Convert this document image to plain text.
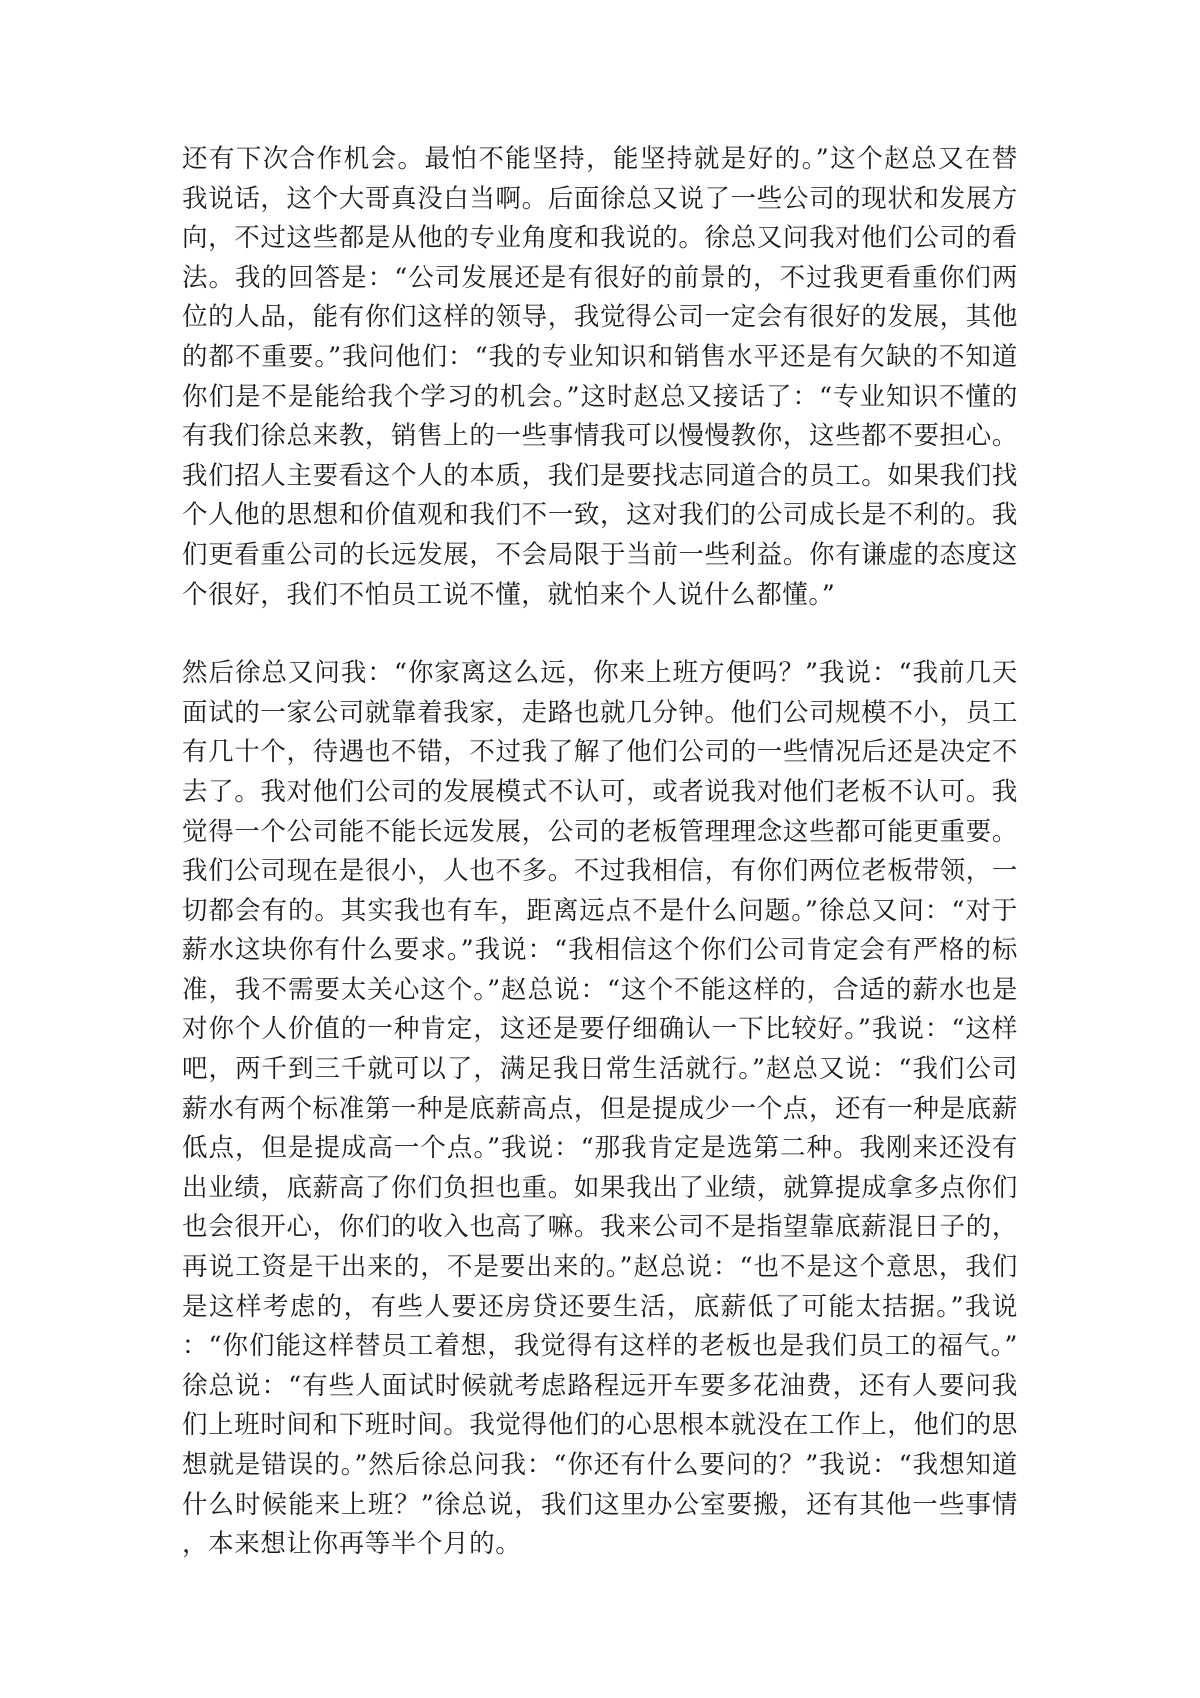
还有下次合作机会。最怕不能坚持，能坚持就是好的。”这个赵总又在替我说话，这个大哥真没白当啊。后面徐总又说了一些公司的现状和发展方向，不过这些都是从他的专业角度和我说的。徐总又问我对他们公司的看法。我的回答是：“公司发展还是有很好的前景的，不过我更看重你们两位的人品，能有你们这样的领导，我觉得公司一定会有很好的发展，其他的都不重要。”我问他们：“我的专业知识和销售水平还是有欠缺的不知道你们是不是能给我个学习的机会。”这时赵总又接话了：“专业知识不懂的有我们徐总来教，销售上的一些事情我可以慢慢教你，这些都不要担心。我们招人主要看这个人的本质，我们是要找志同道合的员工。如果我们找个人他的思想和价值观和我们不一致，这对我们的公司成长是不利的。我们更看重公司的长远发展，不会局限于当前一些利益。你有谦虚的态度这个很好，我们不怕员工说不懂，就怕来个人说什么都懂。”

然后徐总又问我：“你家离这么远，你来上班方便吗？”我说：“我前几天面试的一家公司就靠着我家，走路也就几分钟。他们公司规模不小，员工有几十个，待遇也不错，不过我了解了他们公司的一些情况后还是决定不去了。我对他们公司的发展模式不认可，或者说我对他们老板不认可。我觉得一个公司能不能长远发展，公司的老板管理理念这些都可能更重要。我们公司现在是很小，人也不多。不过我相信，有你们两位老板带领，一切都会有的。其实我也有车，距离远点不是什么问题。”徐总又问：“对于薪水这块你有什么要求。”我说：“我相信这个你们公司肯定会有严格的标准，我不需要太关心这个。”赵总说：“这个不能这样的，合适的薪水也是对你个人价值的一种肯定，这还是要仔细确认一下比较好。”我说：“这样吧，两千到三千就可以了，满足我日常生活就行。”赵总又说：“我们公司薪水有两个标准第一种是底薪高点，但是提成少一个点，还有一种是底薪低点，但是提成高一个点。”我说：“那我肯定是选第二种。我刚来还没有出业绩，底薪高了你们负担也重。如果我出了业绩，就算提成拿多点你们也会很开心，你们的收入也高了嘛。我来公司不是指望靠底薪混日子的，再说工资是干出来的，不是要出来的。”赵总说：“也不是这个意思，我们是这样考虑的，有些人要还房贷还要生活，底薪低了可能太拮据。”我说：“你们能这样替员工着想，我觉得有这样的老板也是我们员工的福气。”徐总说：“有些人面试时候就考虑路程远开车要多花油费，还有人要问我们上班时间和下班时间。我觉得他们的心思根本就没在工作上，他们的思想就是错误的。”然后徐总问我：“你还有什么要问的？”我说：“我想知道什么时候能来上班？”徐总说，我们这里办公室要搬，还有其他一些事情，本来想让你再等半个月的。
